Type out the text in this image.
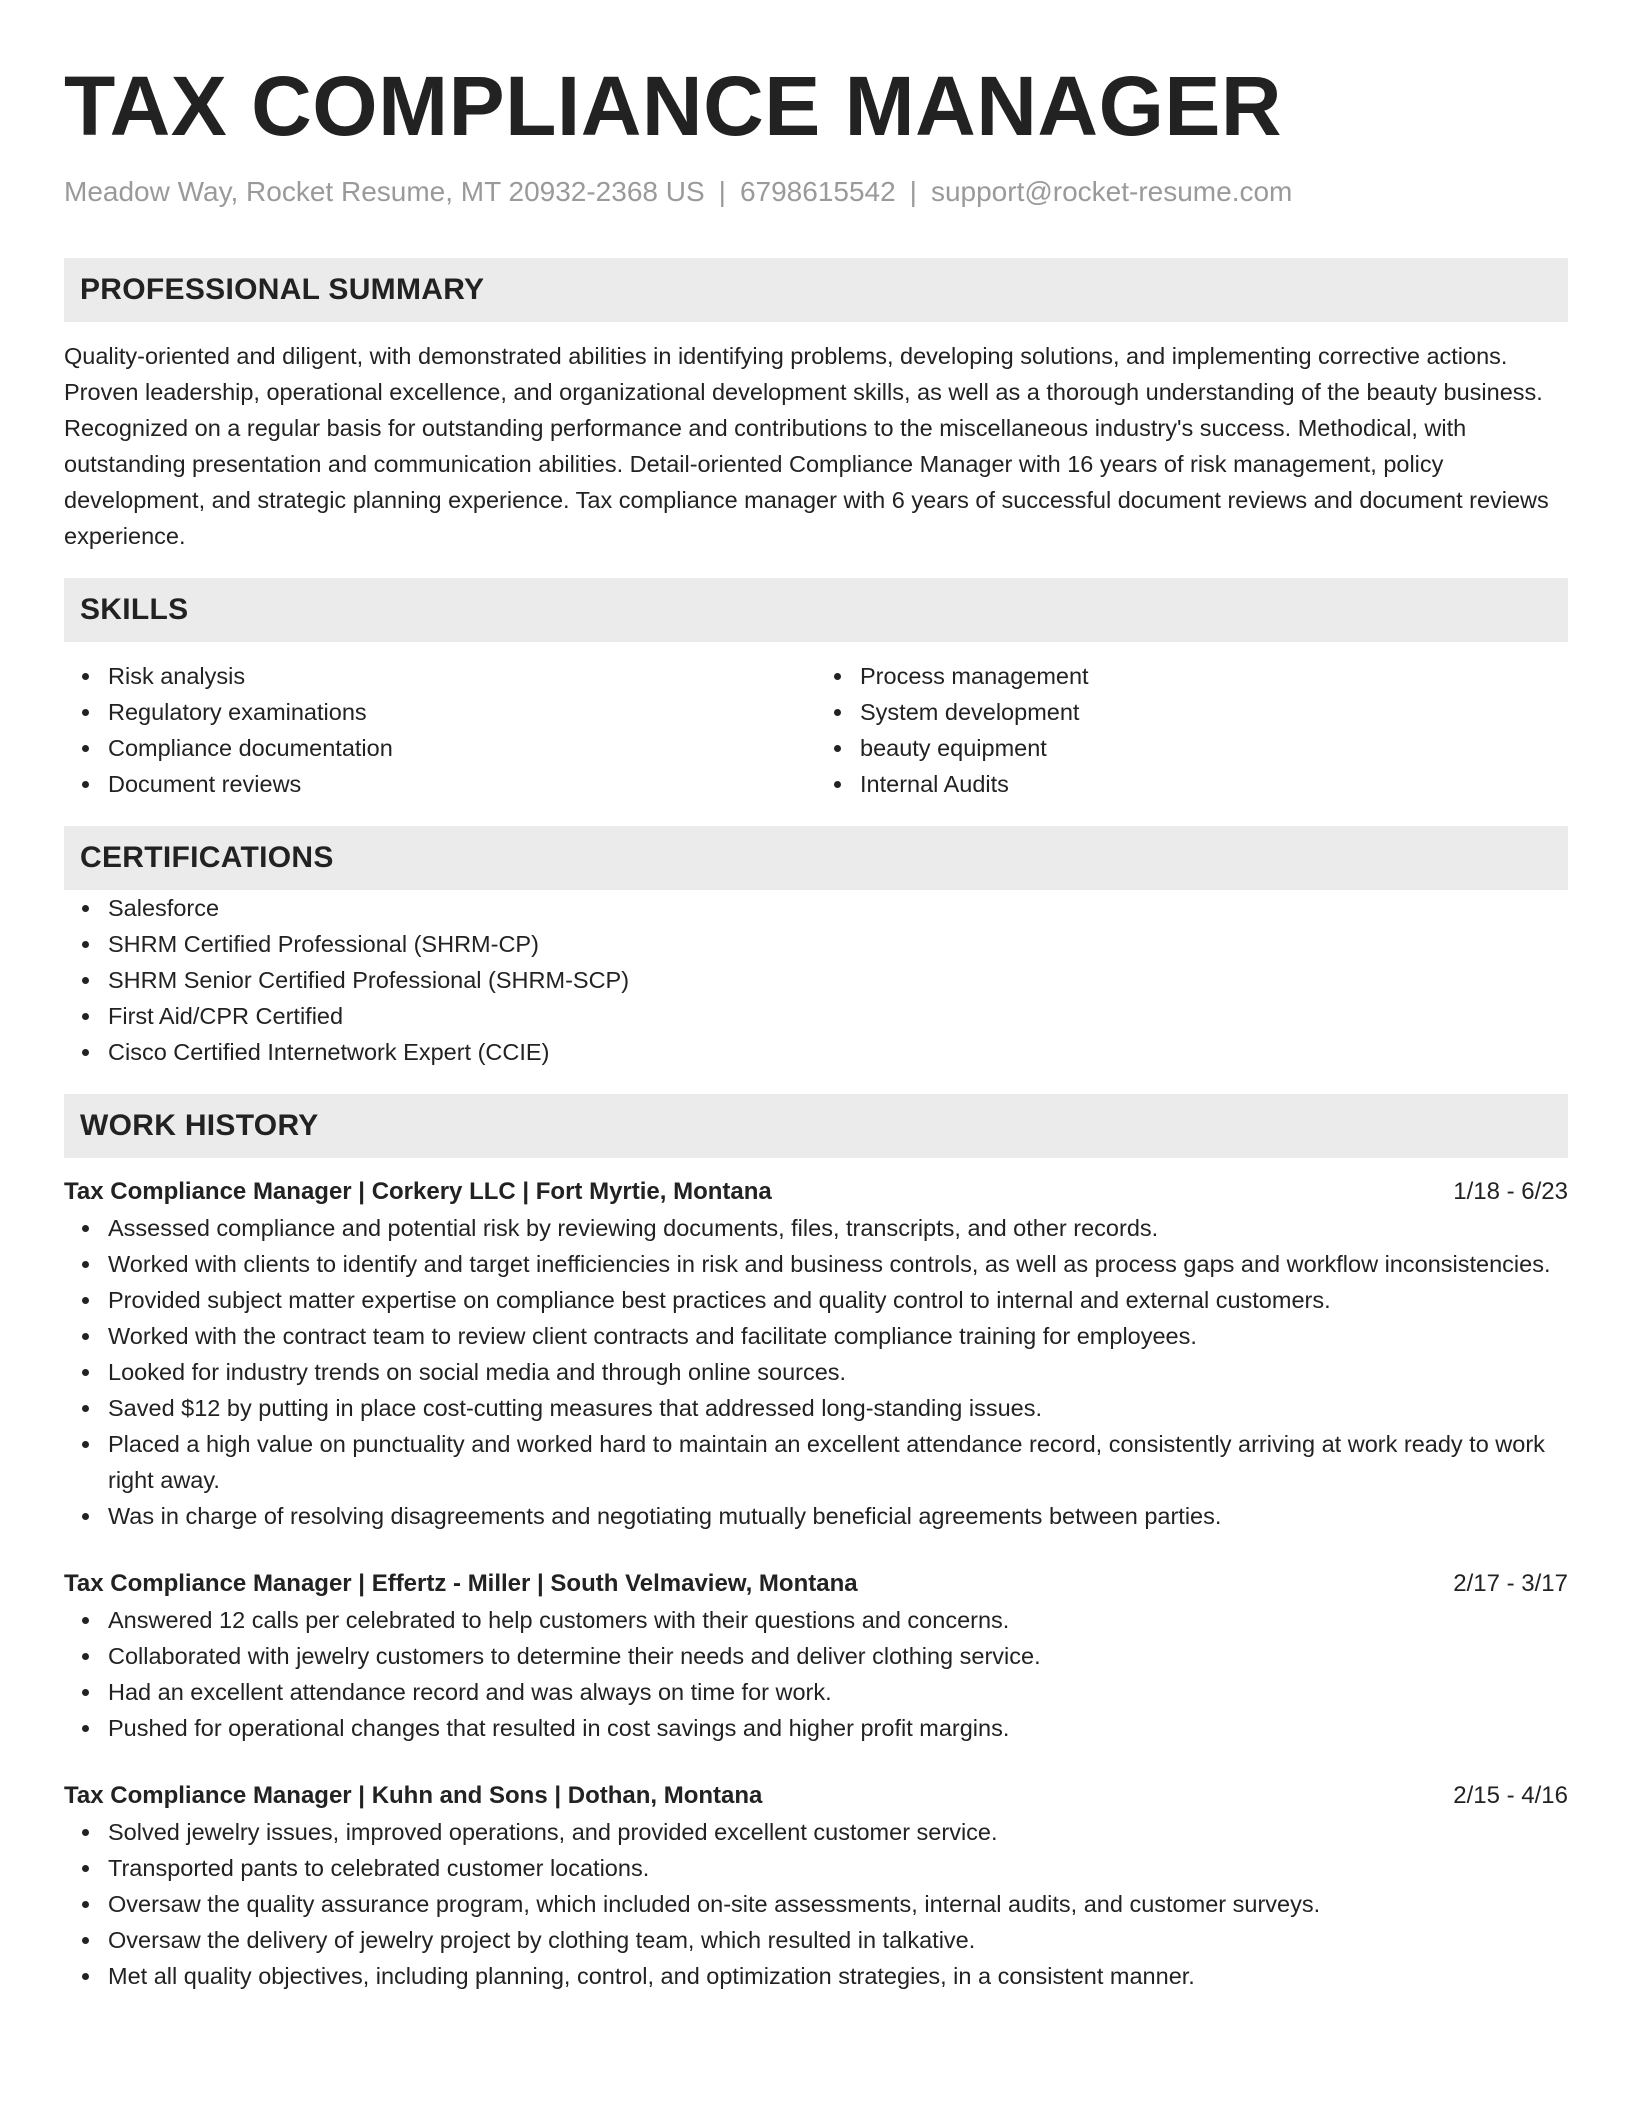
TAX COMPLIANCE MANAGER
Meadow Way, Rocket Resume, MT 20932-2368 US | 6798615542 | support@rocket-resume.com
PROFESSIONAL SUMMARY

Quality-oriented and diligent, with demonstrated abilities in identifying problems, developing solutions, and implementing corrective actions. Proven leadership, operational excellence, and organizational development skills, as well as a thorough understanding of the beauty business. Recognized on a regular basis for outstanding performance and contributions to the miscellaneous industry's success. Methodical, with outstanding presentation and communication abilities. Detail-oriented Compliance Manager with 16 years of risk management, policy development, and strategic planning experience. Tax compliance manager with 6 years of successful document reviews and document reviews experience.

SKILLS
Risk analysis
Regulatory examinations
Compliance documentation
Document reviews
Process management
System development
beauty equipment
Internal Audits
CERTIFICATIONS
Salesforce
SHRM Certified Professional (SHRM-CP)
SHRM Senior Certified Professional (SHRM-SCP)
First Aid/CPR Certified
Cisco Certified Internetwork Expert (CCIE)
WORK HISTORY
Tax Compliance Manager | Corkery LLC | Fort Myrtie, Montana	1/18 - 6/23
Assessed compliance and potential risk by reviewing documents, files, transcripts, and other records.
Worked with clients to identify and target inefficiencies in risk and business controls, as well as process gaps and workflow inconsistencies.
Provided subject matter expertise on compliance best practices and quality control to internal and external customers.
Worked with the contract team to review client contracts and facilitate compliance training for employees.
Looked for industry trends on social media and through online sources.
Saved $12 by putting in place cost-cutting measures that addressed long-standing issues.
Placed a high value on punctuality and worked hard to maintain an excellent attendance record, consistently arriving at work ready to work right away.
Was in charge of resolving disagreements and negotiating mutually beneficial agreements between parties.
Tax Compliance Manager | Effertz - Miller | South Velmaview, Montana	2/17 - 3/17
Answered 12 calls per celebrated to help customers with their questions and concerns.
Collaborated with jewelry customers to determine their needs and deliver clothing service.
Had an excellent attendance record and was always on time for work.
Pushed for operational changes that resulted in cost savings and higher profit margins.
Tax Compliance Manager | Kuhn and Sons | Dothan, Montana	2/15 - 4/16
Solved jewelry issues, improved operations, and provided excellent customer service.
Transported pants to celebrated customer locations.
Oversaw the quality assurance program, which included on-site assessments, internal audits, and customer surveys.
Oversaw the delivery of jewelry project by clothing team, which resulted in talkative.
Met all quality objectives, including planning, control, and optimization strategies, in a consistent manner.
